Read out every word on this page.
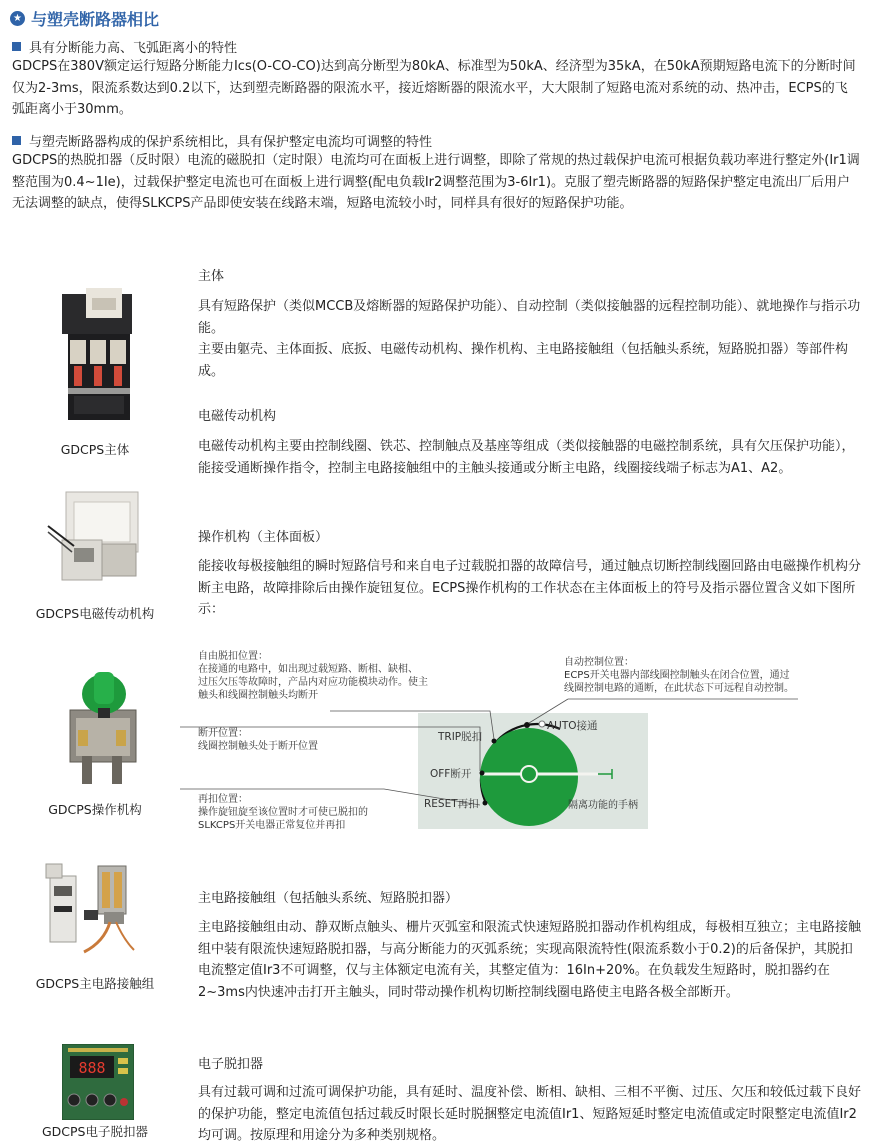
★ 与塑壳断路器相比
具有分断能力高、飞弧距离小的特性

GDCPS在380V额定运行短路分断能力Ics(O-CO-CO)达到高分断型为80kA、标准型为50kA、经济型为35kA，在50kA预期短路电流下的分断时间仅为2-3ms，限流系数达到0.2以下，达到塑壳断路器的限流水平，接近熔断器的限流水平，大大限制了短路电流对系统的动、热冲击，ECPS的飞弧距离小于30mm。

与塑壳断路器构成的保护系统相比，具有保护整定电流均可调整的特性

GDCPS的热脱扣器（反时限）电流的磁脱扣（定时限）电流均可在面板上进行调整，即除了常规的热过载保护电流可根据负载功率进行整定外(Ir1调整范围为0.4~1Ie)，过载保护整定电流也可在面板上进行调整(配电负载Ir2调整范围为3-6Ir1)。克服了塑壳断路器的短路保护整定电流出厂后用户无法调整的缺点，使得SLKCPS产品即使安装在线路末端，短路电流较小时，同样具有很好的短路保护功能。

GDCPS主体
主体

具有短路保护（类似MCCB及熔断器的短路保护功能）、自动控制（类似接触器的远程控制功能）、就地操作与指示功能。

主要由躯壳、主体面扳、底扳、电磁传动机构、操作机构、主电路接触组（包括触头系统，短路脱扣器）等部件构成。

GDCPS电磁传动机构
电磁传动机构

电磁传动机构主要由控制线圈、铁芯、控制触点及基座等组成（类似接触器的电磁控制系统，具有欠压保护功能），能接受通断操作指令，控制主电路接触组中的主触头接通或分断主电路，线圈接线端子标志为A1、A2。

操作机构（主体面板）

能接收每极接触组的瞬时短路信号和来自电子过载脱扣器的故障信号，通过触点切断控制线圈回路由电磁操作机构分断主电路，故障排除后由操作旋钮复位。ECPS操作机构的工作状态在主体面板上的符号及指示器位置含义如下图所示：

GDCPS操作机构
自由脱扣位置：
在接通的电路中，如出现过载短路、断相、缺相、
过压欠压等故障时，产品内对应功能模块动作。使主
触头和线圈控制触头均断开
自动控制位置：
ECPS开关电器内部线圈控制触头在闭合位置，通过
线圈控制电路的通断，在此状态下可远程自动控制。
断开位置：
线圈控制触头处于断开位置
再扣位置：
操作旋钮旋至该位置时才可使已脱扣的
SLKCPS开关电器正常复位并再扣
TRIP脱扣
AUTO接通
OFF断开
RESET再扣	隔离功能的手柄
GDCPS主电路接触组
主电路接触组（包括触头系统、短路脱扣器）

主电路接触组由动、静双断点触头、栅片灭弧室和限流式快速短路脱扣器动作机构组成，每极相互独立；主电路接触组中装有限流快速短路脱扣器，与高分断能力的灭弧系统；实现高限流特性(限流系数小于0.2)的后备保护，其脱扣电流整定值Ir3不可调整，仅与主体额定电流有关，其整定值为：16In+20%。在负载发生短路时，脱扣器约在2~3ms内快速冲击打开主触头，同时带动操作机构切断控制线圈电路使主电路各极全部断开。

888
GDCPS电子脱扣器
电子脱扣器

具有过载可调和过流可调保护功能，具有延时、温度补偿、断相、缺相、三相不平衡、过压、欠压和较低过载下良好的保护功能，整定电流值包括过载反时限长延时脱捆整定电流值Ir1、短路短延时整定电流值或定时限整定电流值Ir2均可调。按原理和用途分为多种类别规格。
